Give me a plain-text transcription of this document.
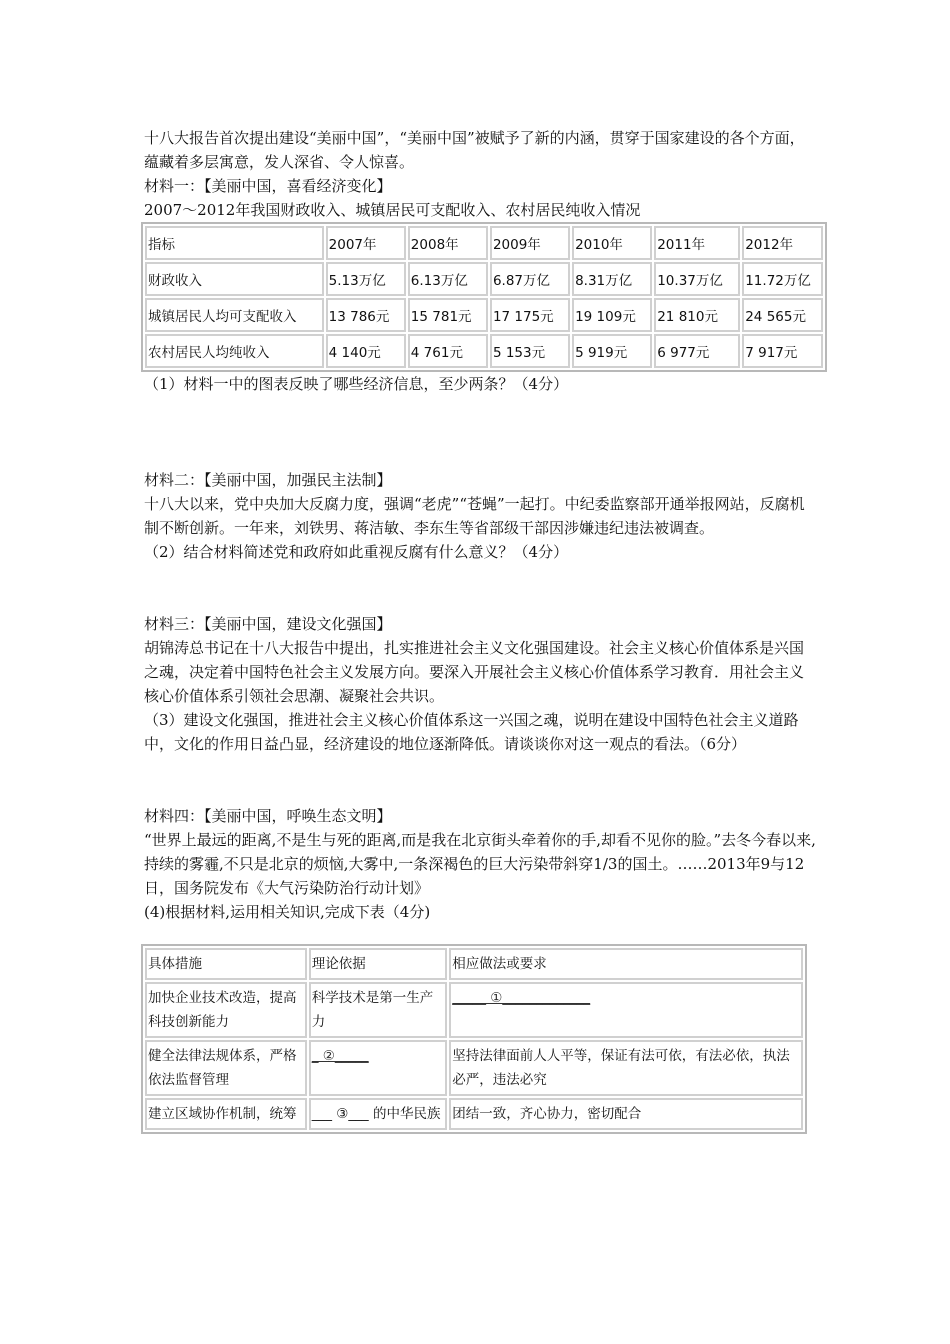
十八大报告首次提出建设“美丽中国”，“美丽中国”被赋予了新的内涵，贯穿于国家建设的各个方面，蕴藏着多层寓意，发人深省、令人惊喜。

材料一：【美丽中国，喜看经济变化】

2007～2012年我国财政收入、城镇居民可支配收入、农村居民纯收入情况

指标	2007年	2008年	2009年	2010年	2011年	2012年
财政收入	5.13万亿	6.13万亿	6.87万亿	8.31万亿	10.37万亿	11.72万亿
城镇居民人均可支配收入	13 786元	15 781元	17 175元	19 109元	21 810元	24 565元
农村居民人均纯收入	4 140元	4 761元	5 153元	5 919元	6 977元	7 917元

（1）材料一中的图表反映了哪些经济信息，至少两条？（4分）

材料二：【美丽中国，加强民主法制】

十八大以来，党中央加大反腐力度，强调“老虎”“苍蝇”一起打。中纪委监察部开通举报网站，反腐机制不断创新。一年来，刘铁男、蒋洁敏、李东生等省部级干部因涉嫌违纪违法被调查。

（2）结合材料简述党和政府如此重视反腐有什么意义？（4分）

材料三：【美丽中国，建设文化强国】

胡锦涛总书记在十八大报告中提出，扎实推进社会主义文化强国建设。社会主义核心价值体系是兴国之魂，决定着中国特色社会主义发展方向。要深入开展社会主义核心价值体系学习教育．用社会主义核心价值体系引领社会思潮、凝聚社会共识。

（3）建设文化强国，推进社会主义核心价值体系这一兴国之魂，说明在建设中国特色社会主义道路中，文化的作用日益凸显，经济建设的地位逐渐降低。请谈谈你对这一观点的看法。（6分）

材料四：【美丽中国，呼唤生态文明】

“世界上最远的距离,不是生与死的距离,而是我在北京街头牵着你的手,却看不见你的脸。”去冬今春以来,持续的雾霾,不只是北京的烦恼,大雾中,一条深褐色的巨大污染带斜穿1/3的国土。……2013年9与12日，国务院发布《大气污染防治行动计划》

(4)根据材料,运用相关知识,完成下表（4分)

具体措施	理论依据	相应做法或要求
加快企业技术改造，提高科技创新能力	科学技术是第一生产力	_____ ①_____________
健全法律法规体系，严格依法监督管理	_ ②_____	坚持法律面前人人平等，保证有法可依，有法必依，执法必严，违法必究
建立区域协作机制，统筹	___ ③___ 的中华民族	团结一致，齐心协力，密切配合
